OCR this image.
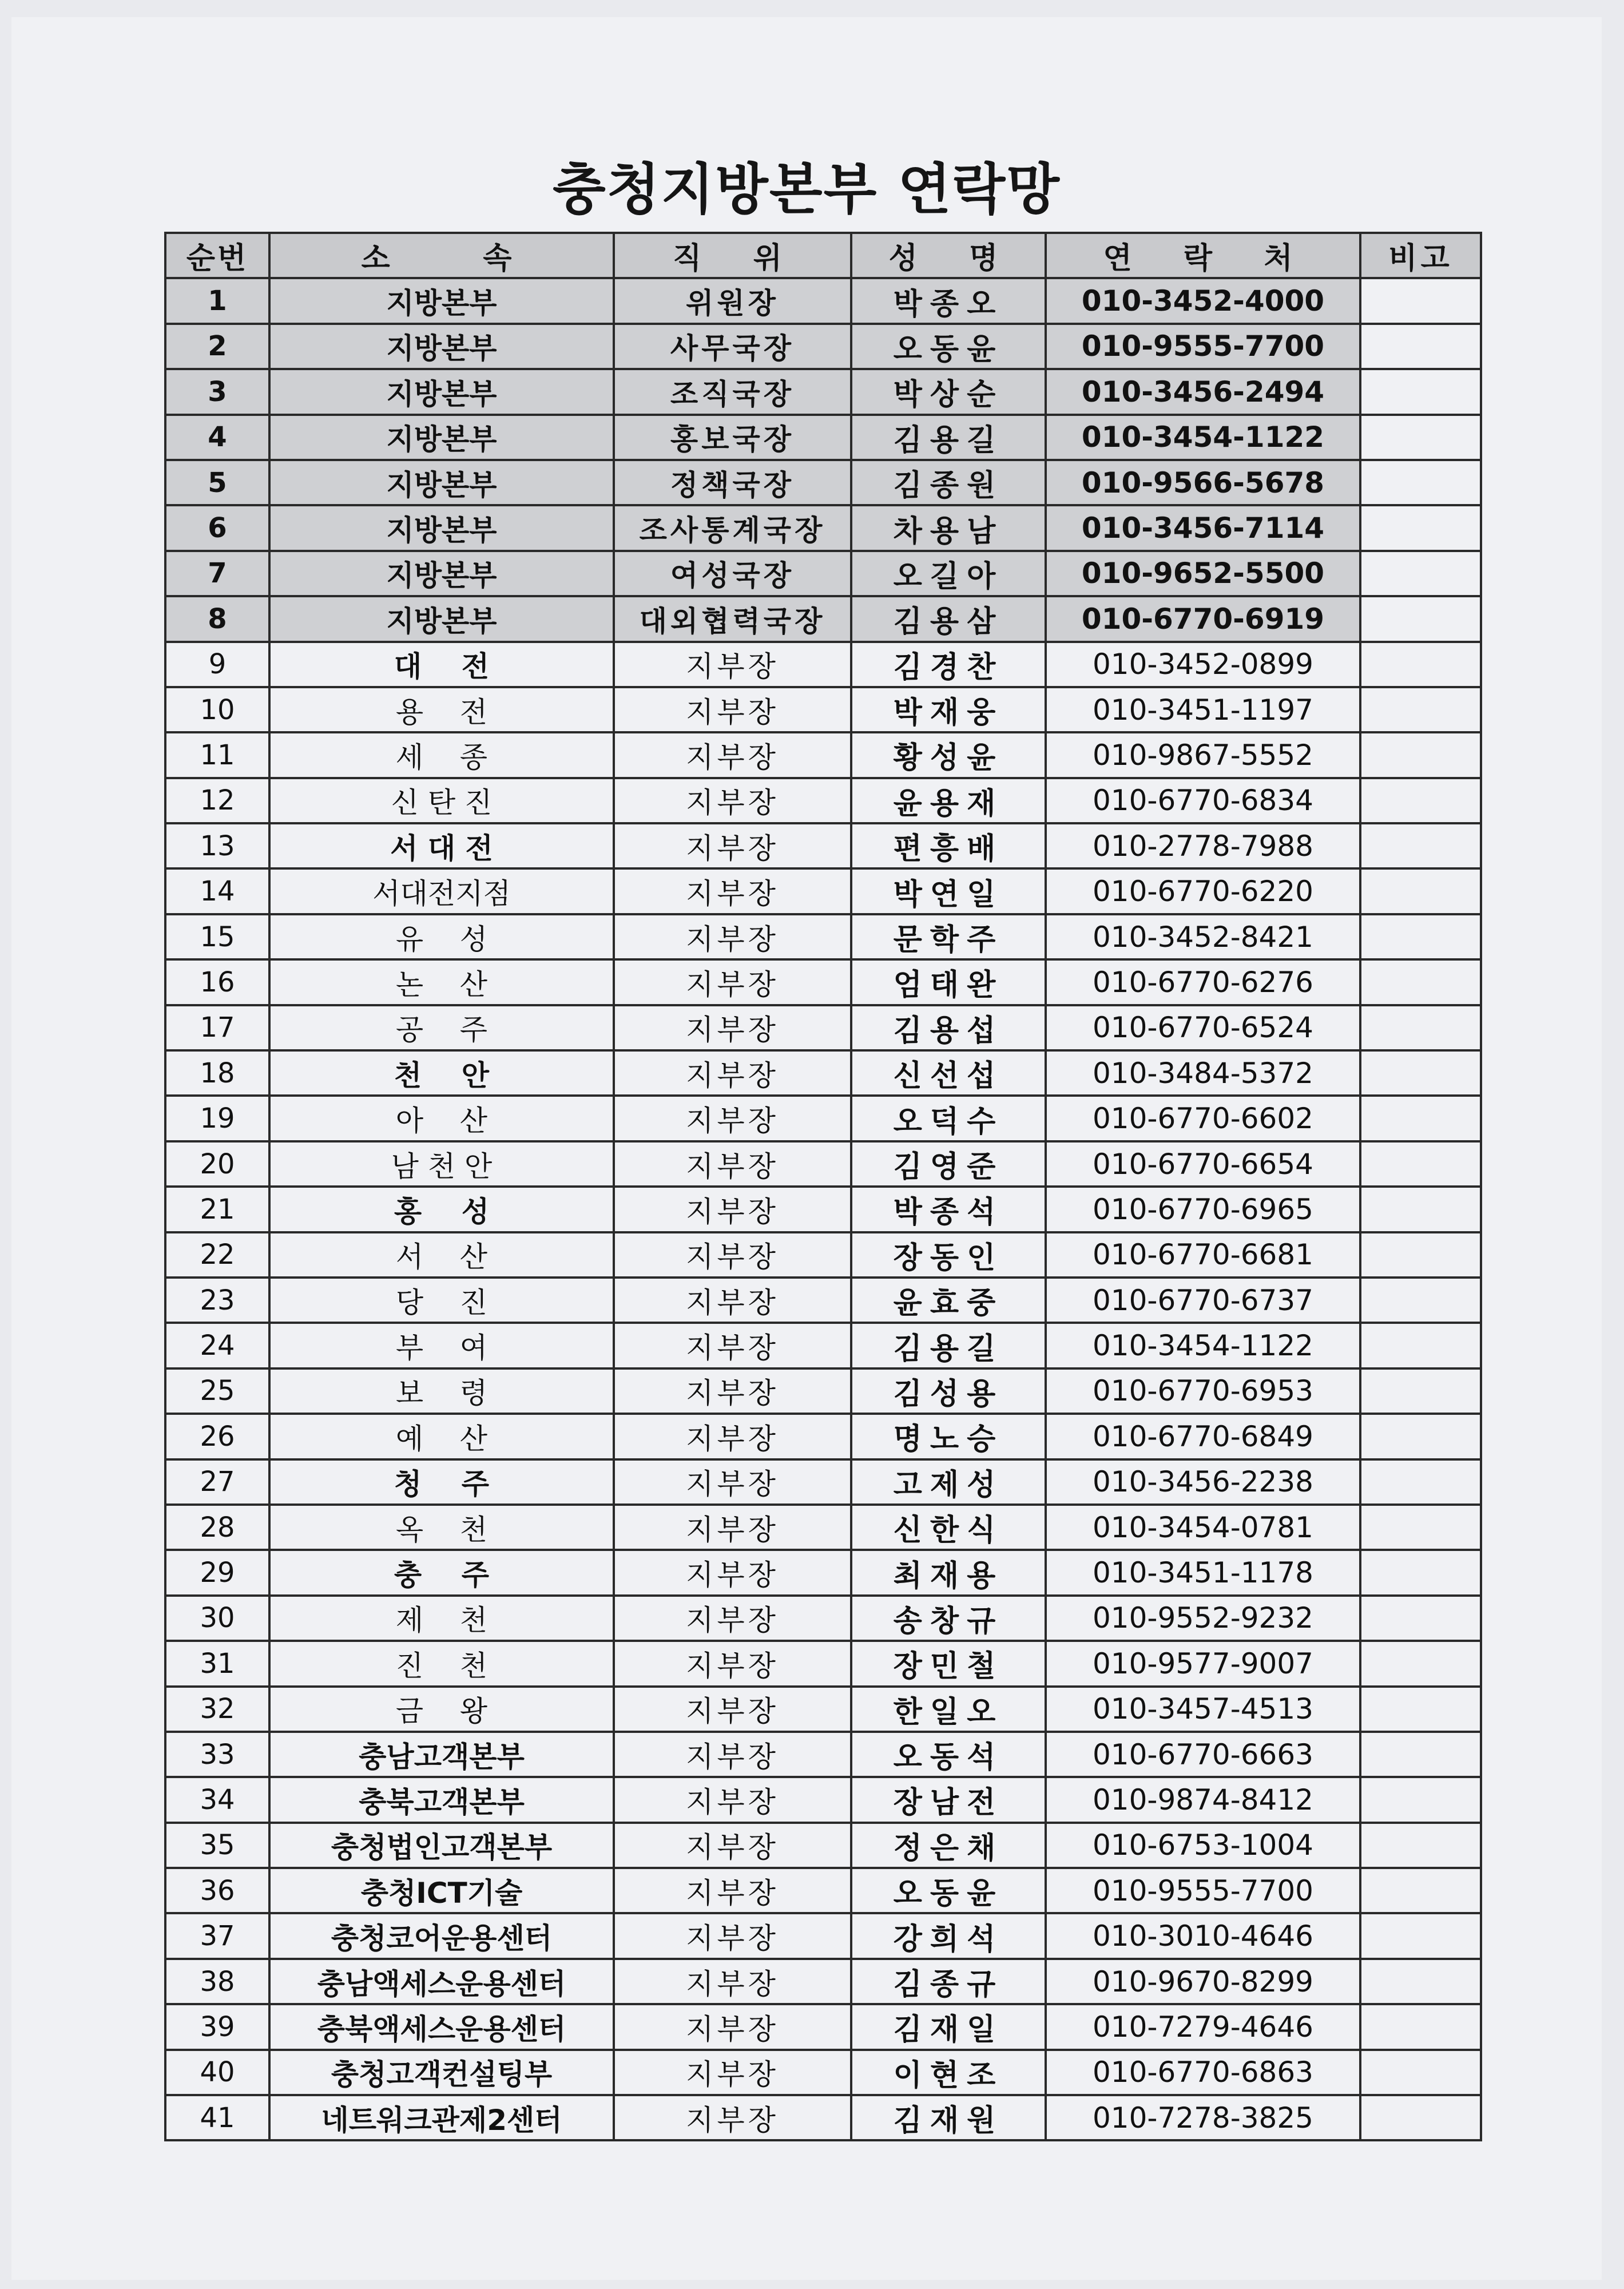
충청지방본부 연락망
순번	소    속	직  위	성  명	연  락  처	비고
1	지방본부	위원장	박종오	010-3452-4000	
2	지방본부	사무국장	오동윤	010-9555-7700	
3	지방본부	조직국장	박상순	010-3456-2494	
4	지방본부	홍보국장	김용길	010-3454-1122	
5	지방본부	정책국장	김종원	010-9566-5678	
6	지방본부	조사통계국장	차용남	010-3456-7114	
7	지방본부	여성국장	오길아	010-9652-5500	
8	지방본부	대외협력국장	김용삼	010-6770-6919	
9	대    전	지부장	김경찬	010-3452-0899	
10	용    전	지부장	박재웅	010-3451-1197	
11	세    종	지부장	황성윤	010-9867-5552	
12	신 탄 진	지부장	윤용재	010-6770-6834	
13	서 대 전	지부장	편흥배	010-2778-7988	
14	서대전지점	지부장	박연일	010-6770-6220	
15	유    성	지부장	문학주	010-3452-8421	
16	논    산	지부장	엄태완	010-6770-6276	
17	공    주	지부장	김용섭	010-6770-6524	
18	천    안	지부장	신선섭	010-3484-5372	
19	아    산	지부장	오덕수	010-6770-6602	
20	남 천 안	지부장	김영준	010-6770-6654	
21	홍    성	지부장	박종석	010-6770-6965	
22	서    산	지부장	장동인	010-6770-6681	
23	당    진	지부장	윤효중	010-6770-6737	
24	부    여	지부장	김용길	010-3454-1122	
25	보    령	지부장	김성용	010-6770-6953	
26	예    산	지부장	명노승	010-6770-6849	
27	청    주	지부장	고제성	010-3456-2238	
28	옥    천	지부장	신한식	010-3454-0781	
29	충    주	지부장	최재용	010-3451-1178	
30	제    천	지부장	송창규	010-9552-9232	
31	진    천	지부장	장민철	010-9577-9007	
32	금    왕	지부장	한일오	010-3457-4513	
33	충남고객본부	지부장	오동석	010-6770-6663	
34	충북고객본부	지부장	장남전	010-9874-8412	
35	충청법인고객본부	지부장	정은채	010-6753-1004	
36	충청ICT기술	지부장	오동윤	010-9555-7700	
37	충청코어운용센터	지부장	강희석	010-3010-4646	
38	충남액세스운용센터	지부장	김종규	010-9670-8299	
39	충북액세스운용센터	지부장	김재일	010-7279-4646	
40	충청고객컨설팅부	지부장	이현조	010-6770-6863	
41	네트워크관제2센터	지부장	김재원	010-7278-3825	
